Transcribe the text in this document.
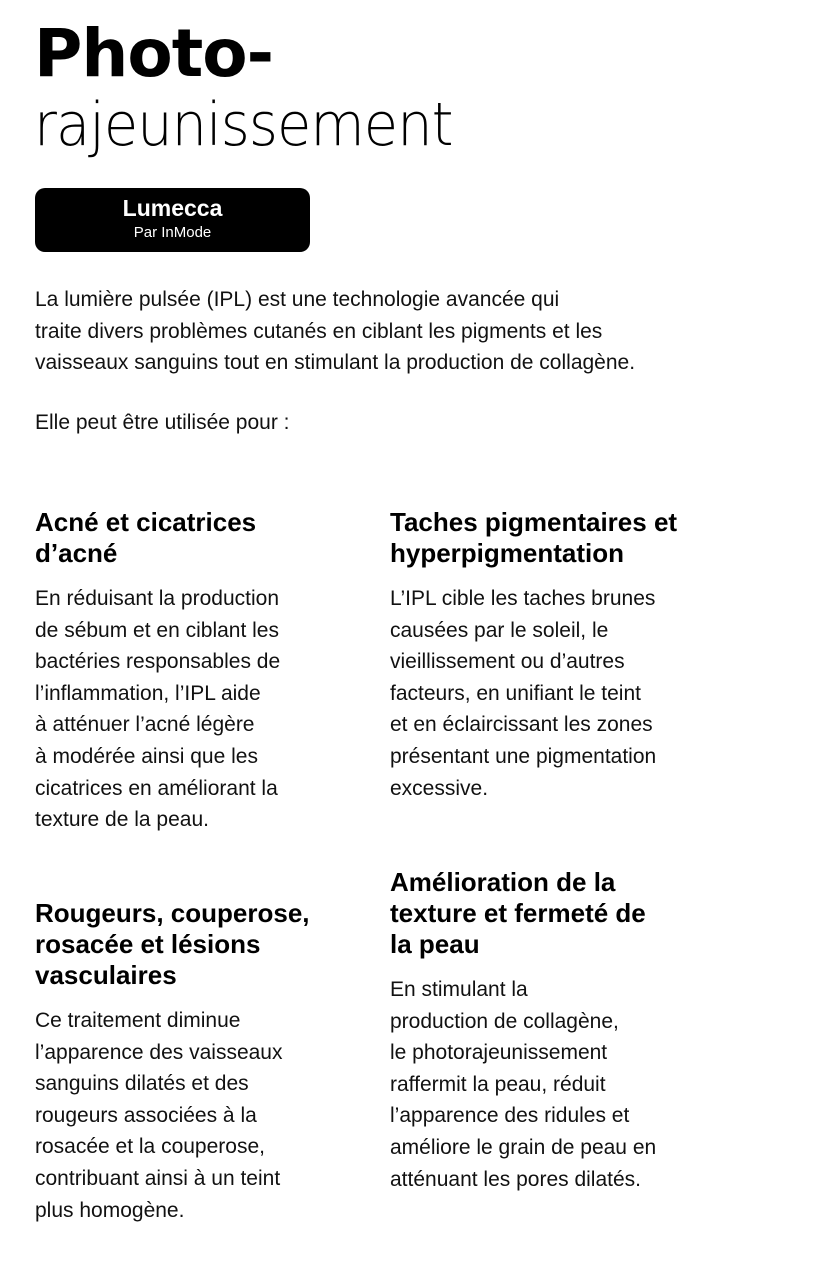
Photo-
rajeunissement
Lumecca
Par InMode
La lumière pulsée (IPL) est une technologie avancée qui
traite divers problèmes cutanés en ciblant les pigments et les
vaisseaux sanguins tout en stimulant la production de collagène.
Elle peut être utilisée pour :
Acné et cicatrices
d’acné

En réduisant la production
de sébum et en ciblant les
bactéries responsables de
l’inflammation, l’IPL aide
à atténuer l’acné légère
à modérée ainsi que les
cicatrices en améliorant la
texture de la peau.

Taches pigmentaires et
hyperpigmentation

L’IPL cible les taches brunes
causées par le soleil, le
vieillissement ou d’autres
facteurs, en unifiant le teint
et en éclaircissant les zones
présentant une pigmentation
excessive.

Rougeurs, couperose,
rosacée et lésions
vasculaires

Ce traitement diminue
l’apparence des vaisseaux
sanguins dilatés et des
rougeurs associées à la
rosacée et la couperose,
contribuant ainsi à un teint
plus homogène.

Amélioration de la
texture et fermeté de
la peau

En stimulant la
production de collagène,
le photorajeunissement
raffermit la peau, réduit
l’apparence des ridules et
améliore le grain de peau en
atténuant les pores dilatés.
